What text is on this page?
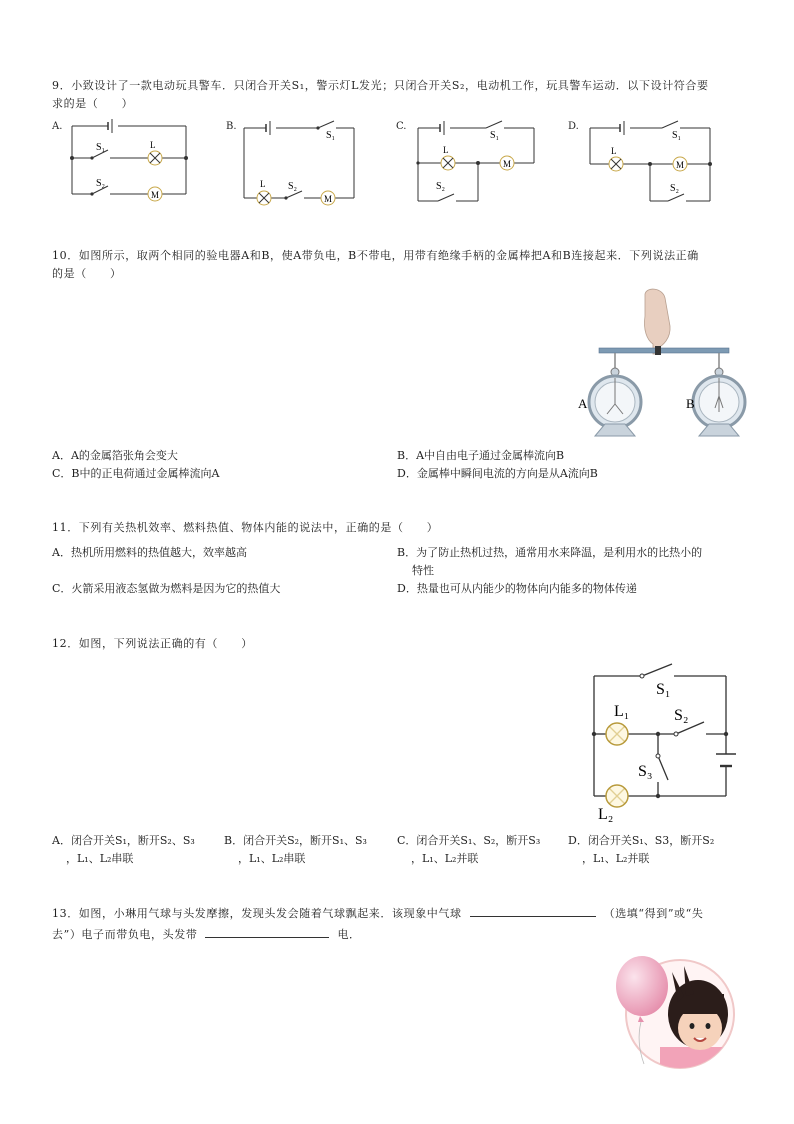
9．小致设计了一款电动玩具警车．只闭合开关S₁，警示灯L发光；只闭合开关S₂，电动机工作，玩具警车运动．以下设计符合要
求的是（　　）
A.	B.	C.	D.
S₁
S₂
L
M
S₁
S₂
L
M
S₁
S₂
L
M
S₁
S₂
L
M
10．如图所示，取两个相同的验电器A和B，使A带负电，B不带电，用带有绝缘手柄的金属棒把A和B连接起来．下列说法正确
的是（　　）
A	B
A．A的金属箔张角会变大	B．A中自由电子通过金属棒流向B
C．B中的正电荷通过金属棒流向A	D．金属棒中瞬间电流的方向是从A流向B
11．下列有关热机效率、燃料热值、物体内能的说法中，正确的是（　　）
A．热机所用燃料的热值越大，效率越高	B．为了防止热机过热，通常用水来降温，是利用水的比热小的
特性
C．火箭采用液态氢做为燃料是因为它的热值大	D．热量也可从内能少的物体向内能多的物体传递
12．如图，下列说法正确的有（　　）
S₁
S₂
S₃
L₁
L₂
A．闭合开关S₁，断开S₂、S₃
，L₁、L₂串联
B．闭合开关S₂，断开S₁、S₃
，L₁、L₂串联
C．闭合开关S₁、S₂，断开S₃
，L₁、L₂并联
D．闭合开关S₁、S3，断开S₂
，L₁、L₂并联
13．如图，小琳用气球与头发摩擦，发现头发会随着气球飘起来．该现象中气球	（选填“得到”或“失
去”）电子而带负电，头发带	电．
